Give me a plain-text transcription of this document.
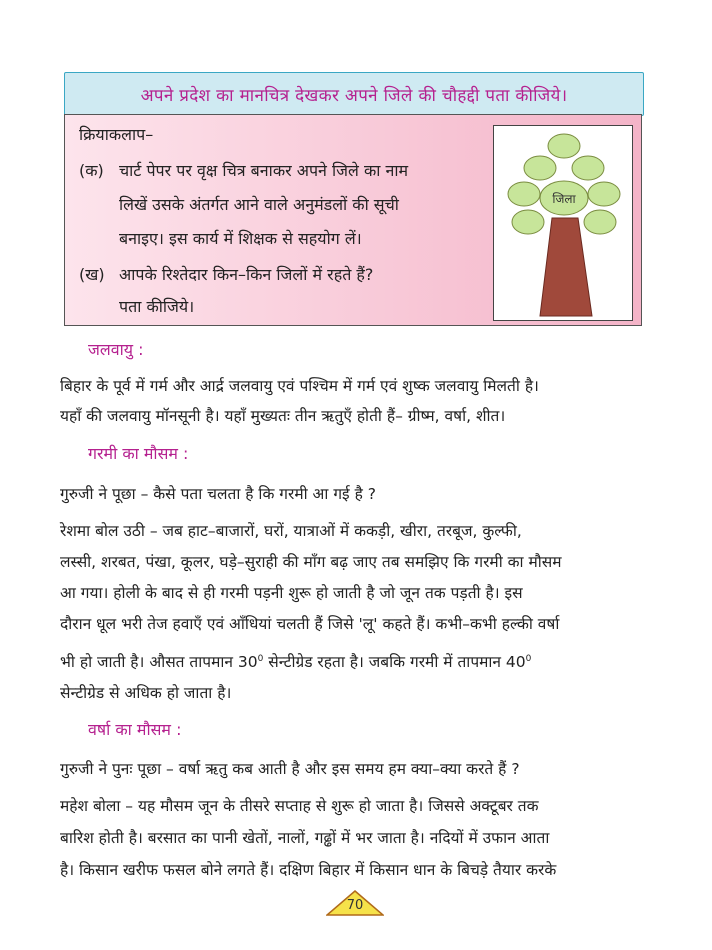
अपने प्रदेश का मानचित्र देखकर अपने जिले की चौहद्दी पता कीजिये।
क्रियाकलाप–
(क) चार्ट पेपर पर वृक्ष चित्र बनाकर अपने जिले का नाम
लिखें उसके अंतर्गत आने वाले अनुमंडलों की सूची
बनाइए। इस कार्य में शिक्षक से सहयोग लें।
(ख) आपके रिश्तेदार किन–किन जिलों में रहते हैं?
पता कीजिये।
जिला
जलवायु :
बिहार के पूर्व में गर्म और आर्द्र जलवायु एवं पश्चिम में गर्म एवं शुष्क जलवायु मिलती है।
यहाँ की जलवायु मॉनसूनी है। यहाँ मुख्यतः तीन ऋतुएँ होती हैं– ग्रीष्म, वर्षा, शीत।
गरमी का मौसम :
गुरुजी ने पूछा – कैसे पता चलता है कि गरमी आ गई है ?
रेशमा बोल उठी – जब हाट–बाजारों, घरों, यात्राओं में ककड़ी, खीरा, तरबूज, कुल्फी,
लस्सी, शरबत, पंखा, कूलर, घड़े–सुराही की माँग बढ़ जाए तब समझिए कि गरमी का मौसम
आ गया। होली के बाद से ही गरमी पड़नी शुरू हो जाती है जो जून तक पड़ती है। इस
दौरान धूल भरी तेज हवाएँ एवं आँधियां चलती हैं जिसे 'लू' कहते हैं। कभी–कभी हल्की वर्षा
भी हो जाती है। औसत तापमान $30^0$ सेन्टीग्रेड रहता है। जबकि गरमी में तापमान $40^0$
सेन्टीग्रेड से अधिक हो जाता है।
वर्षा का मौसम :
गुरुजी ने पुनः पूछा – वर्षा ऋतु कब आती है और इस समय हम क्या–क्या करते हैं ?
महेश बोला – यह मौसम जून के तीसरे सप्ताह से शुरू हो जाता है। जिससे अक्टूबर तक
बारिश होती है। बरसात का पानी खेतों, नालों, गढ्ढों में भर जाता है। नदियों में उफान आता
है। किसान खरीफ फसल बोने लगते हैं। दक्षिण बिहार में किसान धान के बिचड़े तैयार करके
70
